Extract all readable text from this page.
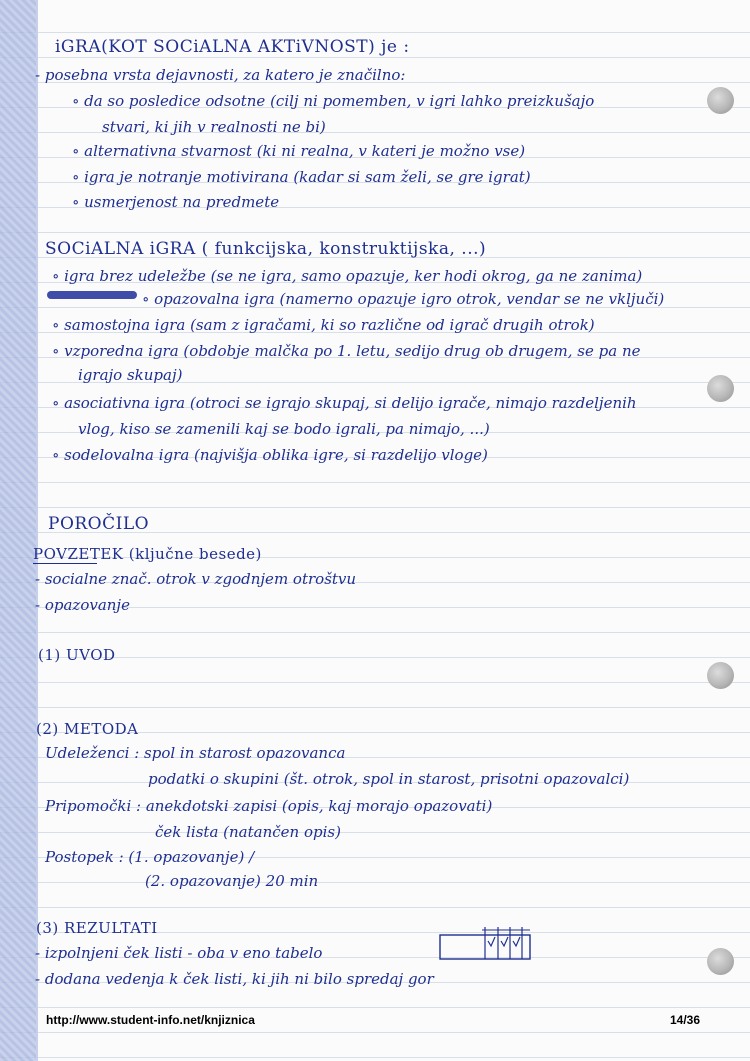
iGRA(KOT SOCiALNA AKTiVNOST) je :
- posebna vrsta dejavnosti, za katero je značilno:
∘ da so posledice odsotne (cilj ni pomemben, v igri lahko preizkušajo
stvari, ki jih v realnosti ne bi)
∘ alternativna stvarnost (ki ni realna, v kateri je možno vse)
∘ igra je notranje motivirana (kadar si sam želi, se gre igrat)
∘ usmerjenost na predmete
SOCiALNA iGRA ( funkcijska, konstruktijska, ...)
∘ igra brez udeležbe (se ne igra, samo opazuje, ker hodi okrog, ga ne zanima)
∘ opazovalna igra (namerno opazuje igro otrok, vendar se ne vključi)
∘ samostojna igra (sam z igračami, ki so različne od igrač drugih otrok)
∘ vzporedna igra (obdobje malčka po 1. letu, sedijo drug ob drugem, se pa ne
igrajo skupaj)
∘ asociativna igra (otroci se igrajo skupaj, si delijo igrače, nimajo razdeljenih
vlog, kiso se zamenili kaj se bodo igrali, pa nimajo, ...)
∘ sodelovalna igra (najvišja oblika igre, si razdelijo vloge)
POROČILO
POVZETEK (ključne besede)
- socialne znač. otrok v zgodnjem otroštvu
- opazovanje
(1) UVOD
(2) METODA
Udeleženci : spol in starost opazovanca
podatki o skupini (št. otrok, spol in starost, prisotni opazovalci)
Pripomočki : anekdotski zapisi (opis, kaj morajo opazovati)
ček lista (natančen opis)
Postopek : (1. opazovanje) /
(2. opazovanje) 20 min
(3) REZULTATI
- izpolnjeni ček listi - oba v eno tabelo
- dodana vedenja k ček listi, ki jih ni bilo spredaj gor
http://www.student-info.net/knjiznica	14/36
